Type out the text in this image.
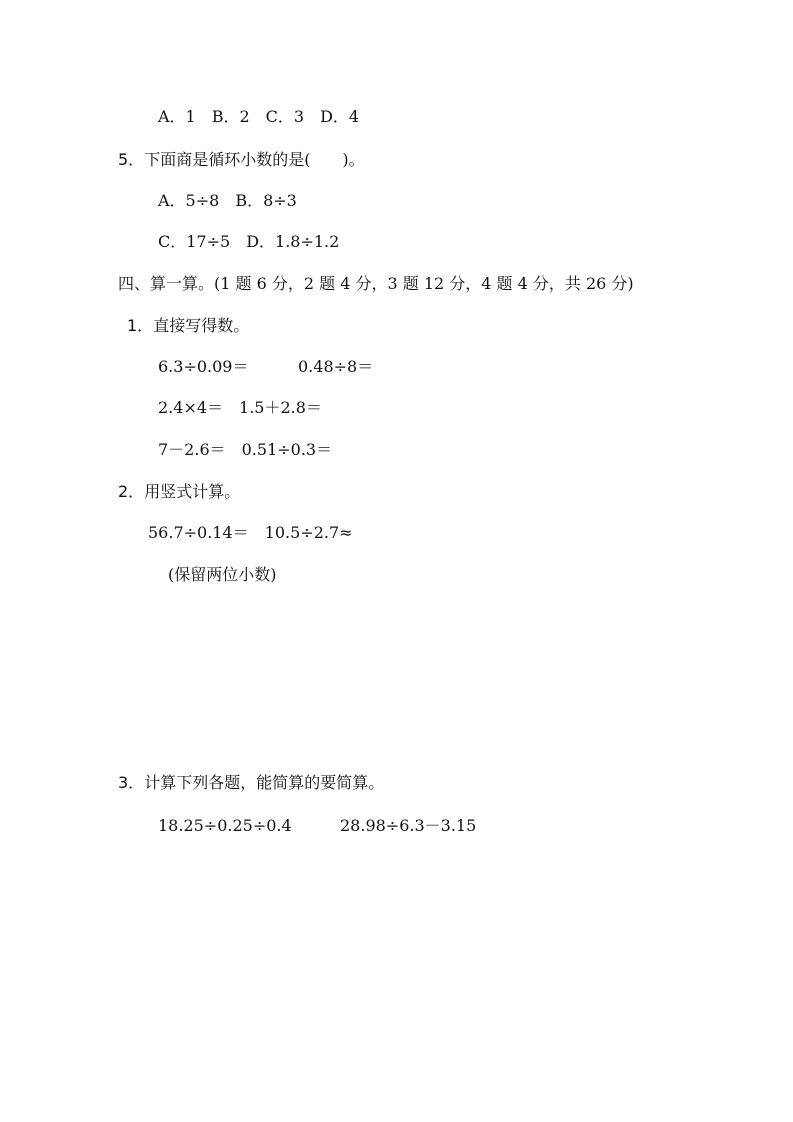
A．1　B．2　C．3　D．4
5．下面商是循环小数的是(　　)。
A．5÷8　B．8÷3
C．17÷5　D．1.8÷1.2
四、算一算。(1 题 6 分，2 题 4 分，3 题 12 分，4 题 4 分，共 26 分)
1．直接写得数。
6.3÷0.09＝	0.48÷8＝
2.4×4＝　1.5＋2.8＝
7－2.6＝　0.51÷0.3＝
2．用竖式计算。
56.7÷0.14＝　10.5÷2.7≈
(保留两位小数)
3．计算下列各题，能简算的要简算。
18.25÷0.25÷0.4	28.98÷6.3－3.15
